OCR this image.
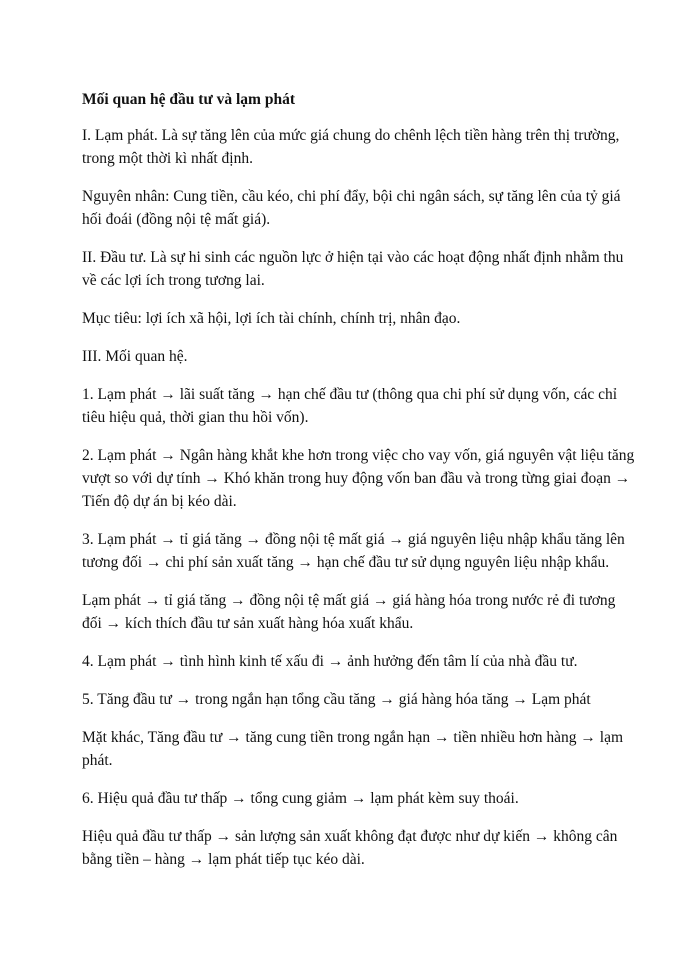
Mối quan hệ đầu tư và lạm phát
I. Lạm phát. Là sự tăng lên của mức giá chung do chênh lệch tiền hàng trên thị trường, trong một thời kì nhất định.
Nguyên nhân: Cung tiền, cầu kéo, chi phí đẩy, bội chi ngân sách, sự tăng lên của tỷ giá hối đoái (đồng nội tệ mất giá).
II. Đầu tư. Là sự hi sinh các nguồn lực ở hiện tại vào các hoạt động nhất định nhằm thu về các lợi ích trong tương lai.
Mục tiêu: lợi ích xã hội, lợi ích tài chính, chính trị, nhân đạo.
III. Mối quan hệ.
1. Lạm phát → lãi suất tăng → hạn chế đầu tư (thông qua chi phí sử dụng vốn, các chỉ tiêu hiệu quả, thời gian thu hồi vốn).
2. Lạm phát → Ngân hàng khắt khe hơn trong việc cho vay vốn, giá nguyên vật liệu tăng vượt so với dự tính → Khó khăn trong huy động vốn ban đầu và trong từng giai đoạn → Tiến độ dự án bị kéo dài.
3. Lạm phát → tỉ giá tăng → đồng nội tệ mất giá → giá nguyên liệu nhập khẩu tăng lên tương đối → chi phí sản xuất tăng → hạn chế đầu tư sử dụng nguyên liệu nhập khẩu.
Lạm phát → tỉ giá tăng → đồng nội tệ mất giá → giá hàng hóa trong nước rẻ đi tương đối → kích thích đầu tư sản xuất hàng hóa xuất khẩu.
4. Lạm phát → tình hình kinh tế xấu đi → ảnh hưởng đến tâm lí của nhà đầu tư.
5. Tăng đầu tư → trong ngắn hạn tổng cầu tăng → giá hàng hóa tăng → Lạm phát
Mặt khác, Tăng đầu tư → tăng cung tiền trong ngắn hạn → tiền nhiều hơn hàng → lạm phát.
6. Hiệu quả đầu tư thấp → tổng cung giảm → lạm phát kèm suy thoái.
Hiệu quả đầu tư thấp → sản lượng sản xuất không đạt được như dự kiến → không cân bằng tiền – hàng → lạm phát tiếp tục kéo dài.
